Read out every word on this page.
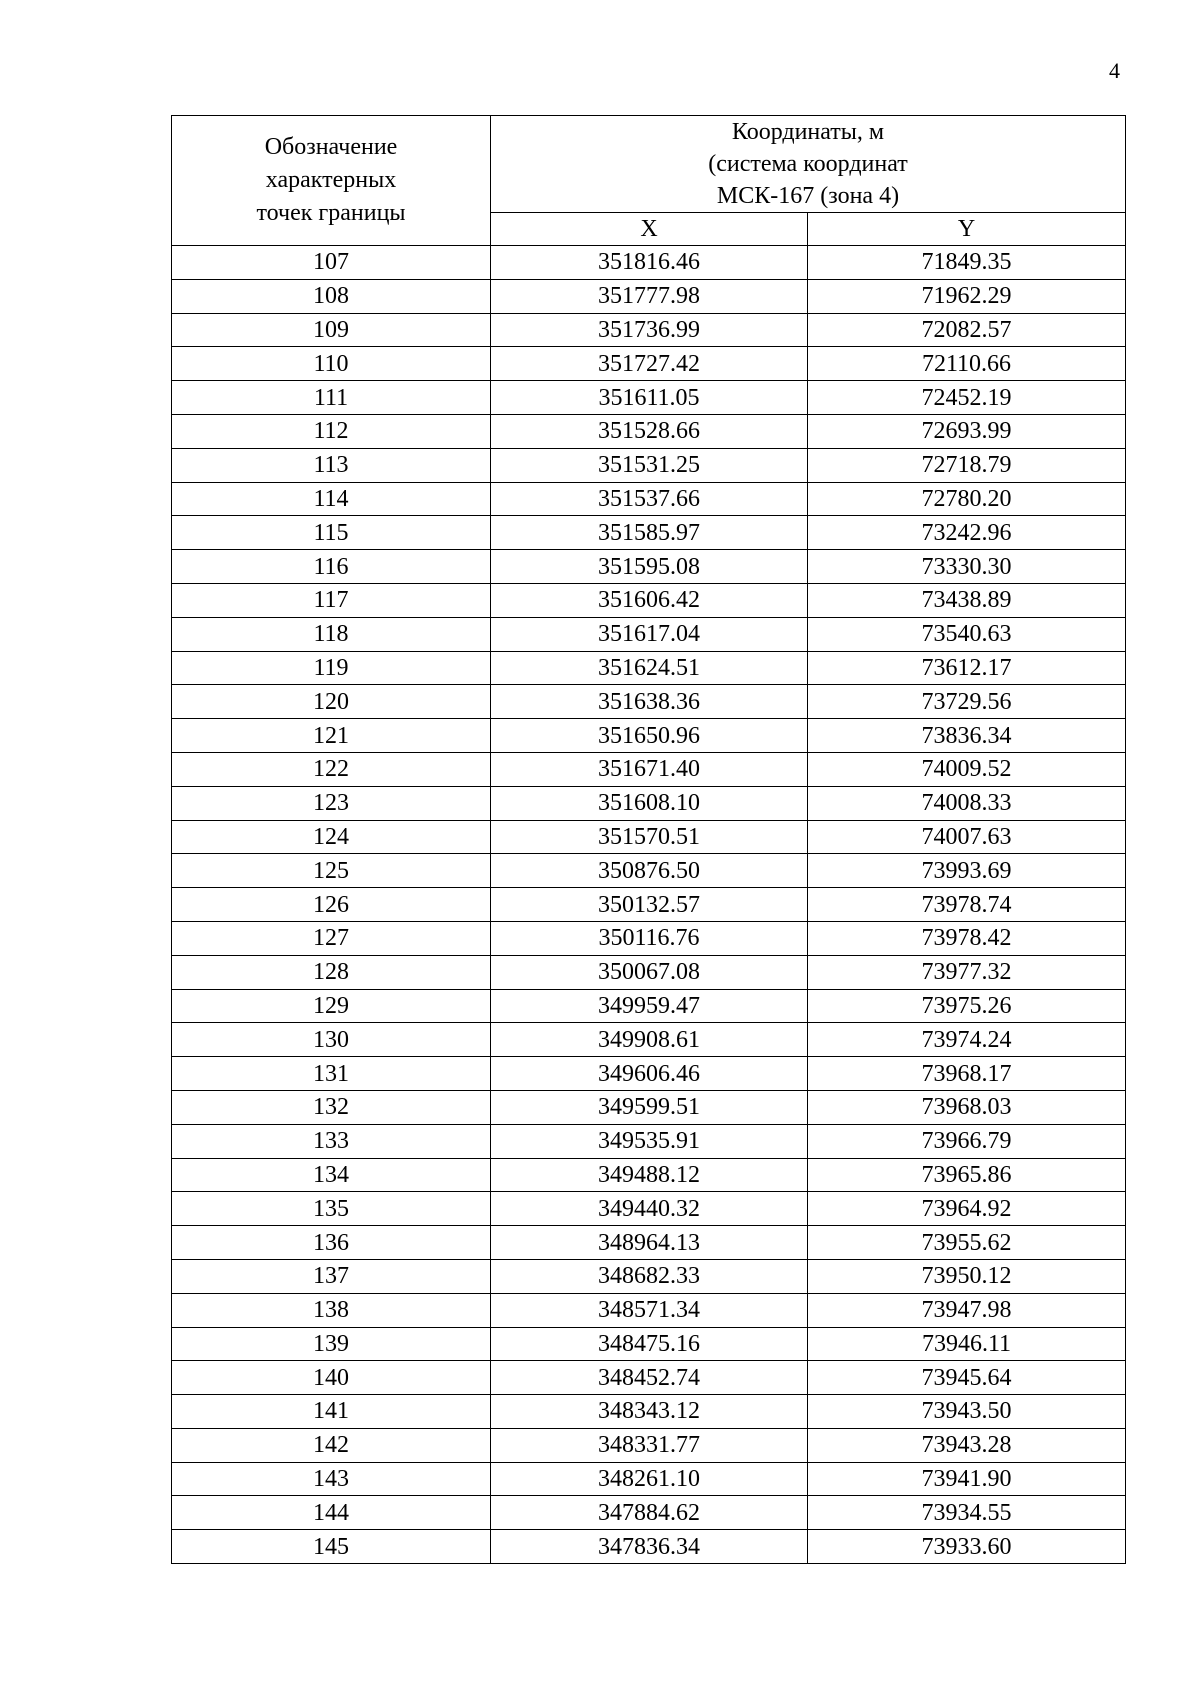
4
Обозначение
характерных
точек границы	Координаты, м
(система координат
МСК-167 (зона 4)	

	X	Y
107	351816.46	71849.35
108	351777.98	71962.29
109	351736.99	72082.57
110	351727.42	72110.66
111	351611.05	72452.19
112	351528.66	72693.99
113	351531.25	72718.79
114	351537.66	72780.20
115	351585.97	73242.96
116	351595.08	73330.30
117	351606.42	73438.89
118	351617.04	73540.63
119	351624.51	73612.17
120	351638.36	73729.56
121	351650.96	73836.34
122	351671.40	74009.52
123	351608.10	74008.33
124	351570.51	74007.63
125	350876.50	73993.69
126	350132.57	73978.74
127	350116.76	73978.42
128	350067.08	73977.32
129	349959.47	73975.26
130	349908.61	73974.24
131	349606.46	73968.17
132	349599.51	73968.03
133	349535.91	73966.79
134	349488.12	73965.86
135	349440.32	73964.92
136	348964.13	73955.62
137	348682.33	73950.12
138	348571.34	73947.98
139	348475.16	73946.11
140	348452.74	73945.64
141	348343.12	73943.50
142	348331.77	73943.28
143	348261.10	73941.90
144	347884.62	73934.55
145	347836.34	73933.60
